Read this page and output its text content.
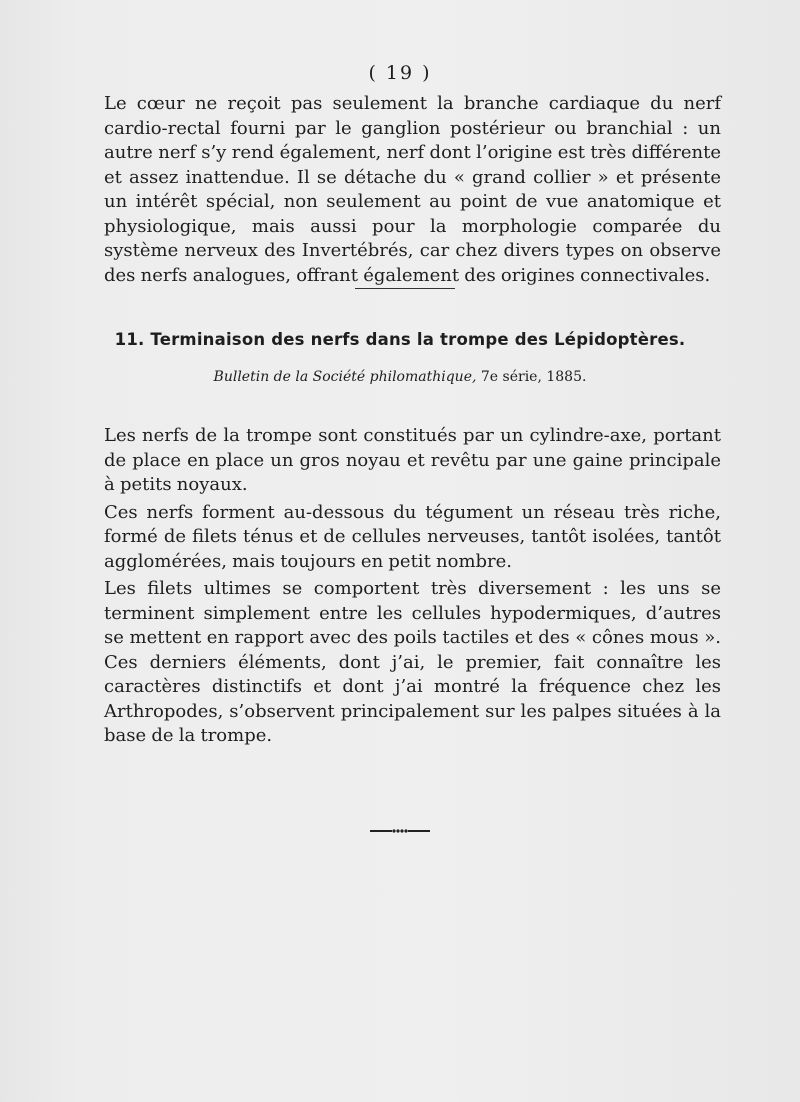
( 19 )

Le cœur ne reçoit pas seulement la branche cardiaque du nerf cardio-rectal fourni par le ganglion postérieur ou branchial : un autre nerf s’y rend également, nerf dont l’origine est très différente et assez inattendue. Il se détache du « grand collier » et présente un intérêt spécial, non seulement au point de vue anatomique et physiologique, mais aussi pour la morphologie comparée du système nerveux des Invertébrés, car chez divers types on observe des nerfs analogues, offrant également des origines connectivales.

11. Terminaison des nerfs dans la trompe des Lépidoptères.
Bulletin de la Société philomathique, 7e série, 1885.

Les nerfs de la trompe sont constitués par un cylindre-axe, portant de place en place un gros noyau et revêtu par une gaine principale à petits noyaux.

Ces nerfs forment au-dessous du tégument un réseau très riche, formé de filets ténus et de cellules nerveuses, tantôt isolées, tantôt agglomérées, mais toujours en petit nombre.

Les filets ultimes se comportent très diversement : les uns se terminent simplement entre les cellules hypodermiques, d’autres se mettent en rapport avec des poils tactiles et des « cônes mous ». Ces derniers éléments, dont j’ai, le premier, fait connaître les caractères distinctifs et dont j’ai montré la fréquence chez les Arthropodes, s’observent principalement sur les palpes situées à la base de la trompe.
